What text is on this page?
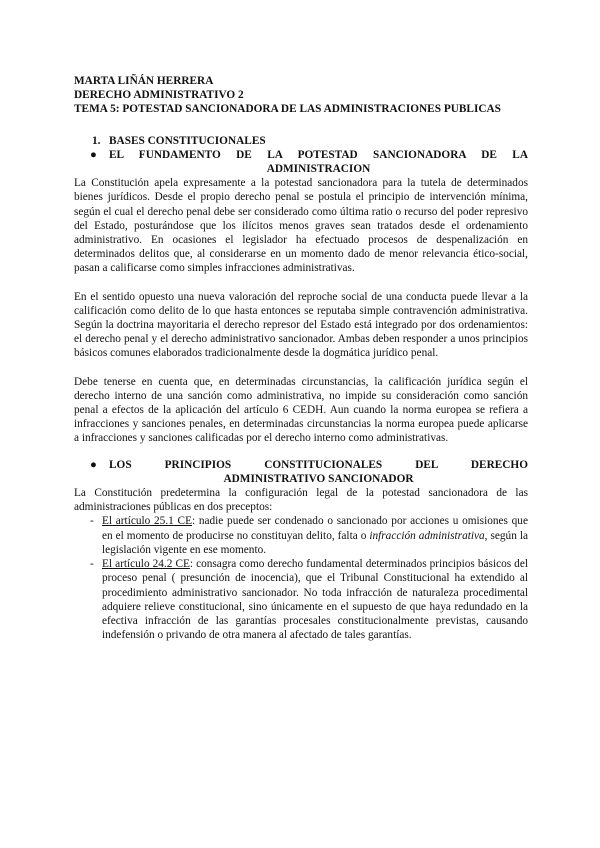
MARTA LIÑÁN HERRERA

DERECHO ADMINISTRATIVO 2

TEMA 5: POTESTAD SANCIONADORA DE LAS ADMINISTRACIONES PUBLICAS

1. BASES CONSTITUCIONALES
● EL FUNDAMENTO DE LA POTESTAD SANCIONADORA DE LA
ADMINISTRACION

La Constitución apela expresamente a la potestad sancionadora para la tutela de determinados bienes jurídicos. Desde el propio derecho penal se postula el principio de intervención mínima, según el cual el derecho penal debe ser considerado como última ratio o recurso del poder represivo del Estado, posturándose que los ilícitos menos graves sean tratados desde el ordenamiento administrativo. En ocasiones el legislador ha efectuado procesos de despenalización en determinados delitos que, al considerarse en un momento dado de menor relevancia ético-social, pasan a calificarse como simples infracciones administrativas.

En el sentido opuesto una nueva valoración del reproche social de una conducta puede llevar a la calificación como delito de lo que hasta entonces se reputaba simple contravención administrativa. Según la doctrina mayoritaria el derecho represor del Estado está integrado por dos ordenamientos: el derecho penal y el derecho administrativo sancionador. Ambas deben responder a unos principios básicos comunes elaborados tradicionalmente desde la dogmática jurídico penal.

Debe tenerse en cuenta que, en determinadas circunstancias, la calificación jurídica según el derecho interno de una sanción como administrativa, no impide su consideración como sanción penal a efectos de la aplicación del artículo 6 CEDH. Aun cuando la norma europea se refiera a infracciones y sanciones penales, en determinadas circunstancias la norma europea puede aplicarse a infracciones y sanciones calificadas por el derecho interno como administrativas.

● LOS PRINCIPIOS CONSTITUCIONALES DEL DERECHO
ADMINISTRATIVO SANCIONADOR

La Constitución predetermina la configuración legal de la potestad sancionadora de las administraciones públicas en dos preceptos:

- El artículo 25.1 CE: nadie puede ser condenado o sancionado por acciones u omisiones que en el momento de producirse no constituyan delito, falta o infracción administrativa, según la legislación vigente en ese momento.

- El artículo 24.2 CE: consagra como derecho fundamental determinados principios básicos del proceso penal ( presunción de inocencia), que el Tribunal Constitucional ha extendido al procedimiento administrativo sancionador. No toda infracción de naturaleza procedimental adquiere relieve constitucional, sino únicamente en el supuesto de que haya redundado en la efectiva infracción de las garantías procesales constitucionalmente previstas, causando indefensión o privando de otra manera al afectado de tales garantías.
